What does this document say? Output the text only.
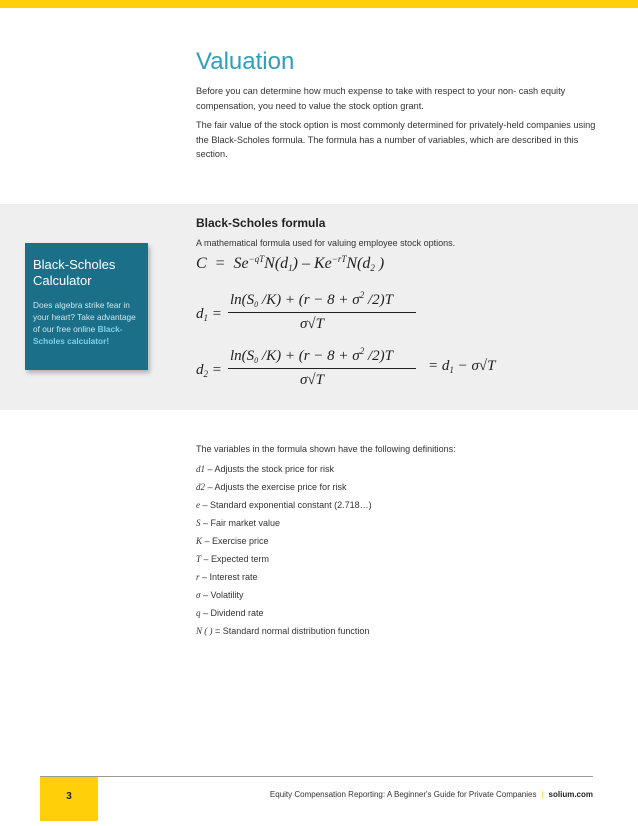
Valuation

Before you can determine how much expense to take with respect to your non- cash equity compensation, you need to value the stock option grant.

The fair value of the stock option is most commonly determined for privately-held companies using the Black-Scholes formula. The formula has a number of variables, which are described in this section.

Black-Scholes Calculator
Does algebra strike fear in your heart? Take advantage of our free online Black-Scholes calculator!
Black-Scholes formula
A mathematical formula used for valuing employee stock options.
$C = Se^{-qT}N(d_1) - Ke^{-rT}N(d_2$ )
$d_1$ =
$\ln(S_0$ $/K) + (r - 8 + \sigma^2$ /2)T
σ√T
$d_2$ =
$\ln(S_0$ $/K) + (r - 8 + \sigma^2$ /2)T
σ√T
= $d_1 - \sigma√T$

The variables in the formula shown have the following definitions:

d1 – Adjusts the stock price for risk
d2 – Adjusts the exercise price for risk
e – Standard exponential constant (2.718…)
S – Fair market value
K – Exercise price
T – Expected term
r – Interest rate
σ – Volatility
q – Dividend rate
N ( ) = Standard normal distribution function
3	Equity Compensation Reporting: A Beginner's Guide for Private Companies | solium.com
